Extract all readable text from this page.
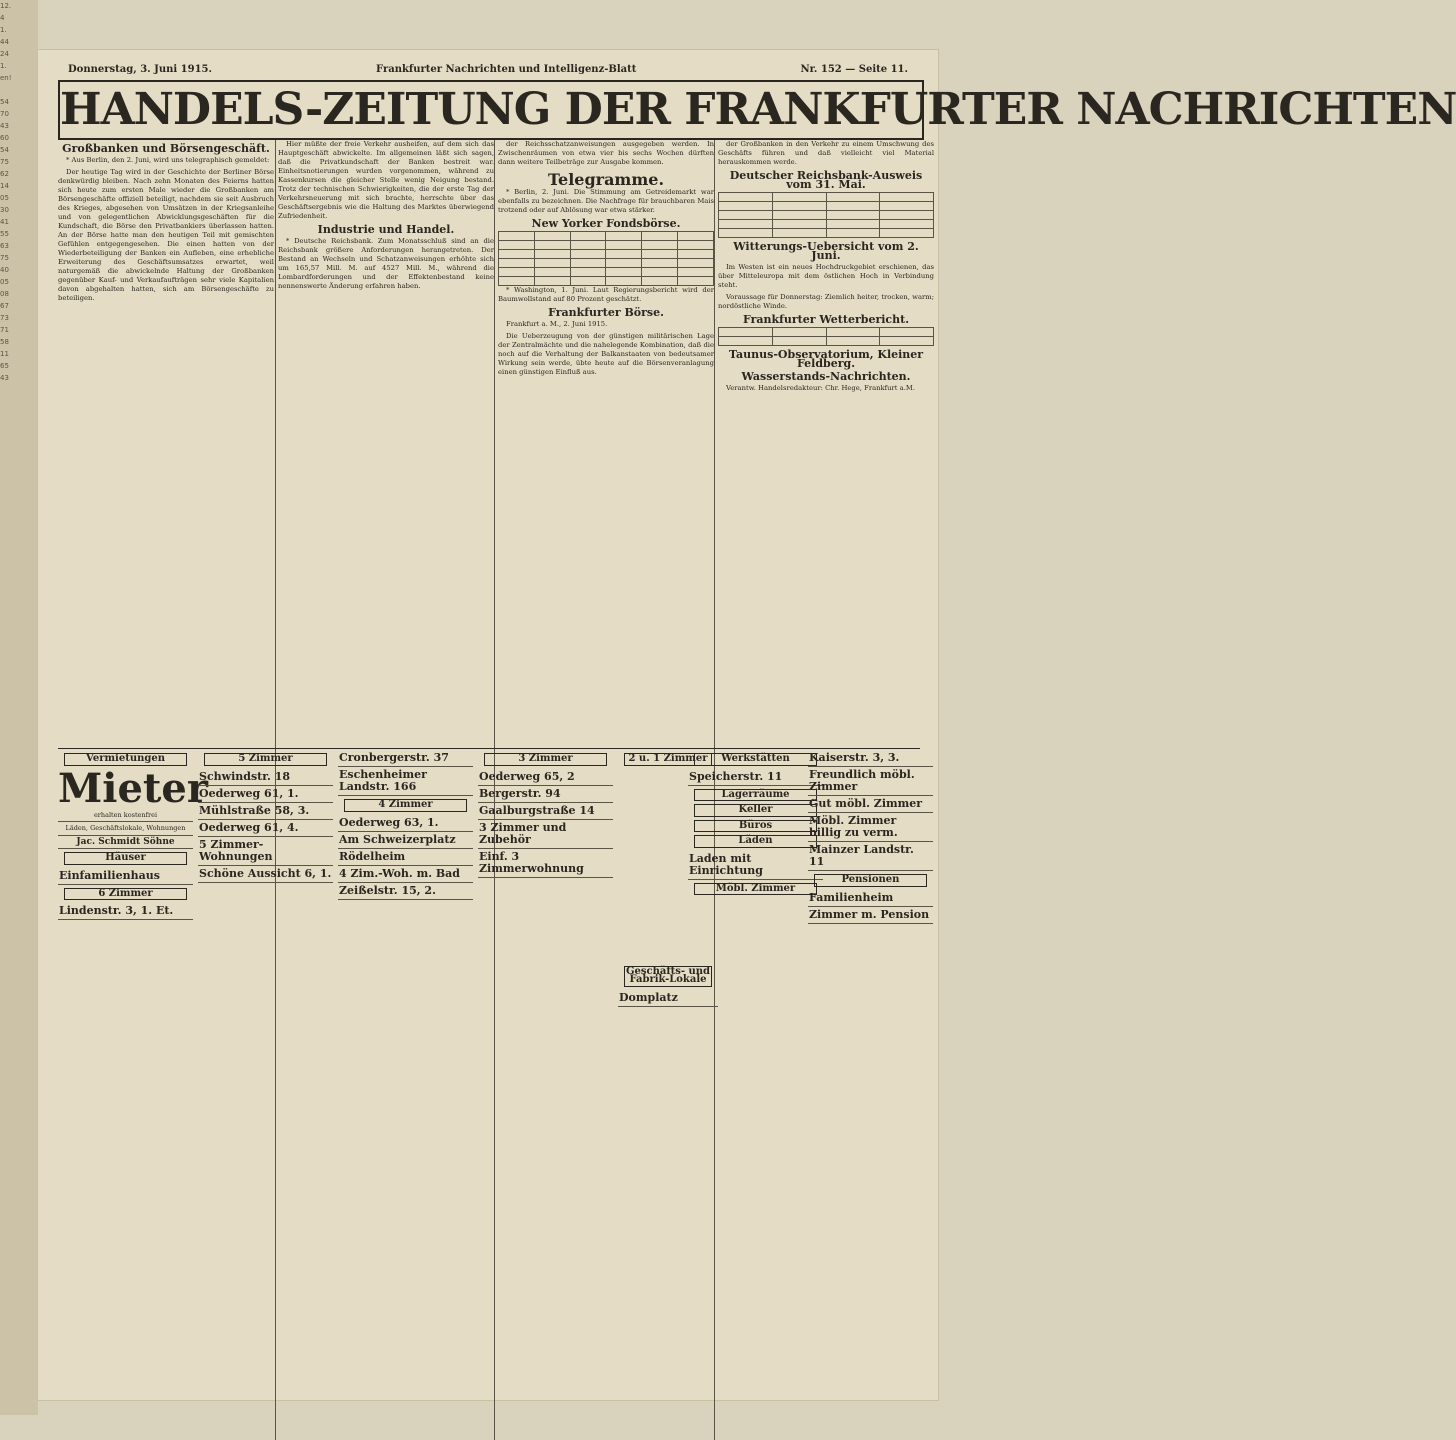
12.
4
1.
44
24
1.
en!

54
70
43
60
54
75
62
14
05
30
41
55
63
75
40
05
08
67
73
71
58
11
65
43
Donnerstag, 3. Juni 1915.	Frankfurter Nachrichten und Intelligenz-Blatt	Nr. 152 — Seite 11.
HANDELS-ZEITUNG DER FRANKFURTER NACHRICHTEN
Großbanken und Börsengeschäft.

* Aus Berlin, den 2. Juni, wird uns telegraphisch gemeldet:

Der heutige Tag wird in der Geschichte der Berliner Börse denkwürdig bleiben. Nach zehn Monaten des Feierns hatten sich heute zum ersten Male wieder die Großbanken am Börsengeschäfte offiziell beteiligt, nachdem sie seit Ausbruch des Krieges, abgesehen von Umsätzen in der Kriegsanleihe und von gelegentlichen Abwicklungsgeschäften für die Kundschaft, die Börse den Privatbankiers überlassen hatten. An der Börse hatte man den heutigen Teil mit gemischten Gefühlen entgegengesehen. Die einen hatten von der Wiederbeteiligung der Banken ein Aufleben, eine erhebliche Erweiterung des Geschäftsumsatzes erwartet, weil naturgemäß die abwickelnde Haltung der Großbanken gegenüber Kauf- und Verkaufaufträgen sehr viele Kapitalien davon abgehalten hatten, sich am Börsengeschäfte zu beteiligen.

Hier müßte der freie Verkehr ausheifen, auf dem sich das Hauptgeschäft abwickelte. Im allgemeinen läßt sich sagen, daß die Privatkundschaft der Banken bestreit war. Einheitsnotierungen wurden vorgenommen, während zu Kassenkursen die gleicher Stelle wenig Neigung bestand. Trotz der technischen Schwierigkeiten, die der erste Tag der Verkehrsneuerung mit sich brachte, herrschte über das Geschäftsergebnis wie die Haltung des Marktes überwiegend Zufriedenheit.

Industrie und Handel.

* Deutsche Reichsbank. Zum Monatsschluß sind an die Reichsbank größere Anforderungen herangetreten. Der Bestand an Wechseln und Schatzanweisungen erhöhte sich um 165,57 Mill. M. auf 4527 Mill. M., während die Lombardforderungen und der Effektenbestand keine nennenswerte Änderung erfahren haben.

der Reichsschatzanweisungen ausgegeben werden. In Zwischenräumen von etwa vier bis sechs Wochen dürften dann weitere Teilbeträge zur Ausgabe kommen.

Telegramme.

* Berlin, 2. Juni. Die Stimmung am Getreidemarkt war ebenfalls zu bezeichnen. Die Nachfrage für brauchbaren Mais trotzend oder auf Ablösung war etwa stärker.

New Yorker Fondsbörse.

* Washington, 1. Juni. Laut Regierungsbericht wird der Baumwollstand auf 80 Prozent geschätzt.

Frankfurter Börse.

Frankfurt a. M., 2. Juni 1915.

Die Ueberzeugung von der günstigen militärischen Lage der Zentralmächte und die nahelegende Kombination, daß die noch auf die Verhaltung der Balkanstaaten von bedeutsamer Wirkung sein werde, übte heute auf die Börsenveranlagung einen günstigen Einfluß aus.

der Großbanken in den Verkehr zu einem Umschwung des Geschäfts führen und daß vielleicht viel Material herauskommen werde.

Deutscher Reichsbank-Ausweis vom 31. Mai.

Witterungs-Uebersicht vom 2. Juni.

Im Westen ist ein neues Hochdruckgebiet erschienen, das über Mitteleuropa mit dem östlichen Hoch in Verbindung steht.

Voraussage für Donnerstag: Ziemlich heiter, trocken, warm; nordöstliche Winde.

Frankfurter Wetterbericht.

Taunus-Observatorium, Kleiner Feldberg.
Wasserstands-Nachrichten.

Verantw. Handelsredakteur: Chr. Hege, Frankfurt a.M.

Vermietungen
Mieter
erhalten kostenfrei
Läden, Geschäftslokale, Wohnungen
Jac. Schmidt Söhne
Häuser
Einfamilienhaus
6 Zimmer
Lindenstr. 3, 1. Et.
5 Zimmer
Schwindstr. 18
Oederweg 61, 1.
Mühlstraße 58, 3.
Oederweg 61, 4.
5 Zimmer-Wohnungen
Schöne Aussicht 6, 1.
Cronbergerstr. 37
Eschenheimer Landstr. 166
4 Zimmer
Oederweg 63, 1.
Am Schweizerplatz
Rödelheim
4 Zim.-Woh. m. Bad
Zeißelstr. 15, 2.
3 Zimmer
Oederweg 65, 2
Bergerstr. 94
Gaalburgstraße 14
3 Zimmer und Zubehör
Einf. 3 Zimmerwohnung
2 u. 1 Zimmer
Geschäfts- und Fabrik-Lokale
Domplatz
Werkstätten
Speicherstr. 11
Lagerräume
Keller
Büros
Läden
Laden mit Einrichtung
Möbl. Zimmer
Kaiserstr. 3, 3.
Freundlich möbl. Zimmer
Gut möbl. Zimmer
Möbl. Zimmer billig zu verm.
Mainzer Landstr. 11
Pensionen
Familienheim
Zimmer m. Pension
